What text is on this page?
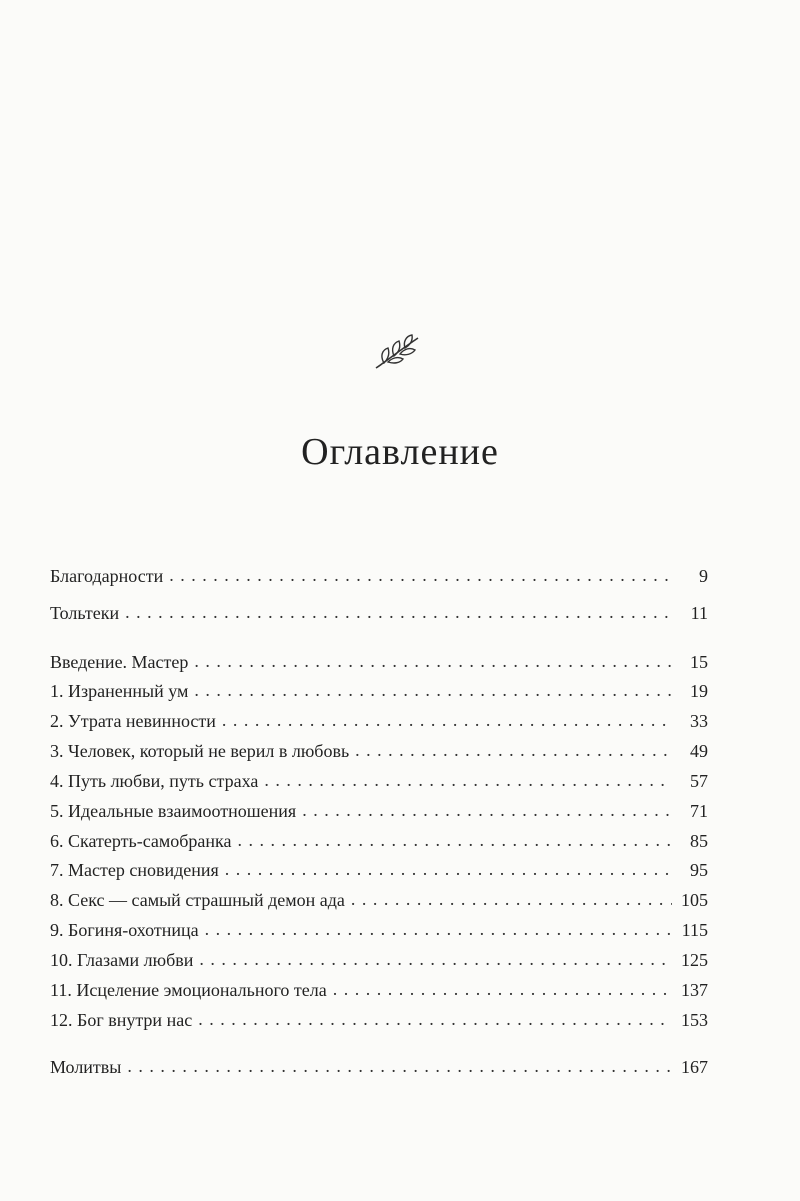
Оглавление
Благодарности . . .	9
Тольтеки . . .	11
Введение. Мастер . . .	15
1. Израненный ум . . .	19
2. Утрата невинности . . .	33
3. Человек, который не верил в любовь . . .	49
4. Путь любви, путь страха . . .	57
5. Идеальные взаимоотношения . . .	71
6. Скатерть-самобранка . . .	85
7. Мастер сновидения . . .	95
8. Секс — самый страшный демон ада . . .	105
9. Богиня-охотница . . .	115
10. Глазами любви . . .	125
11. Исцеление эмоционального тела . . .	137
12. Бог внутри нас . . .	153
Молитвы . . .	167
